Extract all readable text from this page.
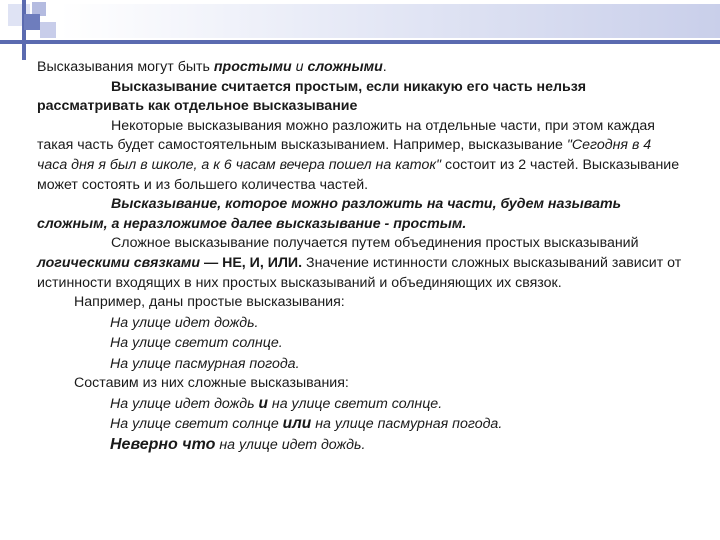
Высказывания могут быть простыми и сложными.

Высказывание считается простым, если никакую его часть нельзя рассматривать как отдельное высказывание

Некоторые высказывания можно разложить на отдельные части, при этом каждая такая часть будет самостоятельным высказыванием. Например, высказывание "Сегодня в 4 часа дня я был в школе, а к 6 часам вечера пошел на каток" состоит из 2 частей. Высказывание может состоять и из большего количества частей.

Высказывание, которое можно разложить на части, будем называть сложным, а неразложимое далее высказывание - простым.

Сложное высказывание получается путем объединения простых высказываний логическими связками — НЕ, И, ИЛИ. Значение истинности сложных высказываний зависит от истинности входящих в них простых высказываний и объединяющих их связок.

Например, даны простые высказывания:

На улице идет дождь.

На улице светит солнце.

На улице пасмурная погода.

Составим из них сложные высказывания:

На улице идет дождь и на улице светит солнце.

На улице светит солнце или на улице пасмурная погода.

Неверно что на улице идет дождь.
